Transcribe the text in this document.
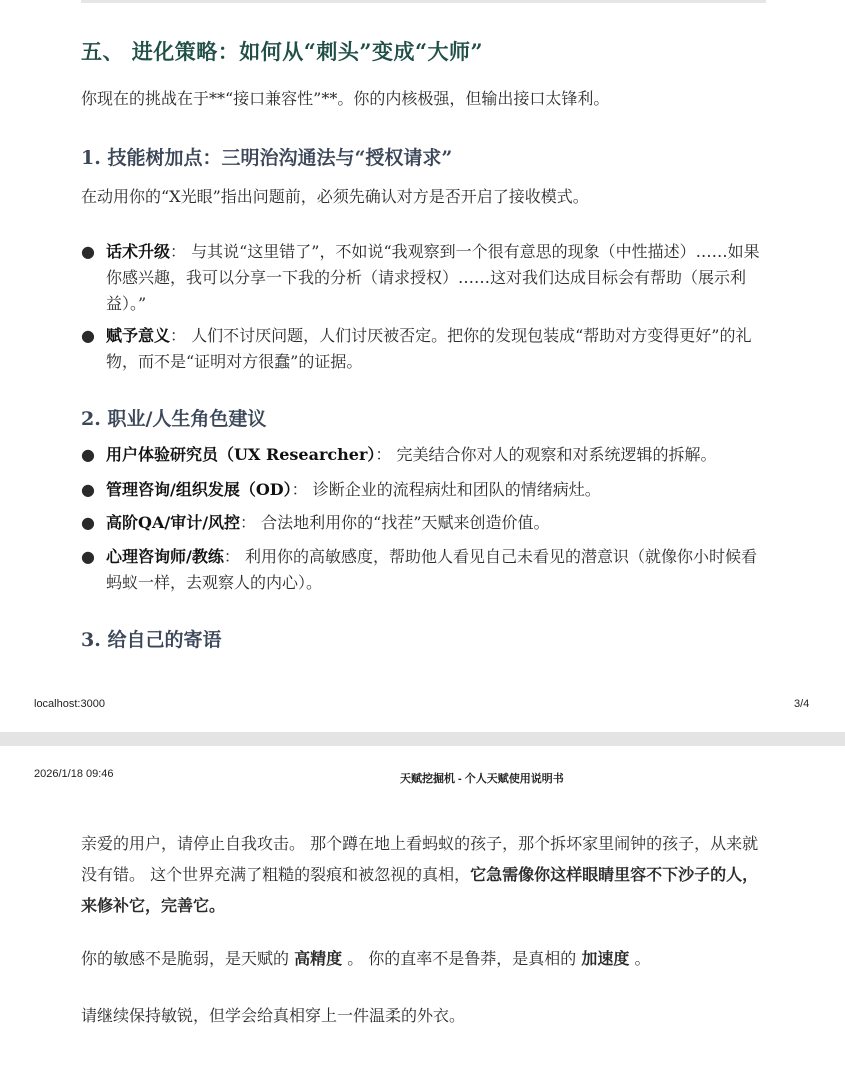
五、 进化策略：如何从“刺头”变成“大师”

你现在的挑战在于**“接口兼容性”**。你的内核极强，但输出接口太锋利。

1. 技能树加点：三明治沟通法与“授权请求”

在动用你的“X光眼”指出问题前，必须先确认对方是否开启了接收模式。

● 话术升级： 与其说“这里错了”，不如说“我观察到一个很有意思的现象（中性描述）……如果你感兴趣，我可以分享一下我的分析（请求授权）……这对我们达成目标会有帮助（展示利益）。”
● 赋予意义： 人们不讨厌问题，人们讨厌被否定。把你的发现包装成“帮助对方变得更好”的礼物，而不是“证明对方很蠢”的证据。
2. 职业/人生角色建议
● 用户体验研究员（UX Researcher）： 完美结合你对人的观察和对系统逻辑的拆解。
● 管理咨询/组织发展（OD）： 诊断企业的流程病灶和团队的情绪病灶。
● 高阶QA/审计/风控： 合法地利用你的“找茬”天赋来创造价值。
● 心理咨询师/教练： 利用你的高敏感度，帮助他人看见自己未看见的潜意识（就像你小时候看蚂蚁一样，去观察人的内心）。
3. 给自己的寄语
localhost:3000	3/4
2026/1/18 09:46	天赋挖掘机 - 个人天赋使用说明书

亲爱的用户，请停止自我攻击。 那个蹲在地上看蚂蚁的孩子，那个拆坏家里闹钟的孩子，从来就没有错。 这个世界充满了粗糙的裂痕和被忽视的真相，它急需像你这样眼睛里容不下沙子的人，来修补它，完善它。

你的敏感不是脆弱，是天赋的 高精度 。 你的直率不是鲁莽，是真相的 加速度 。

请继续保持敏锐，但学会给真相穿上一件温柔的外衣。
